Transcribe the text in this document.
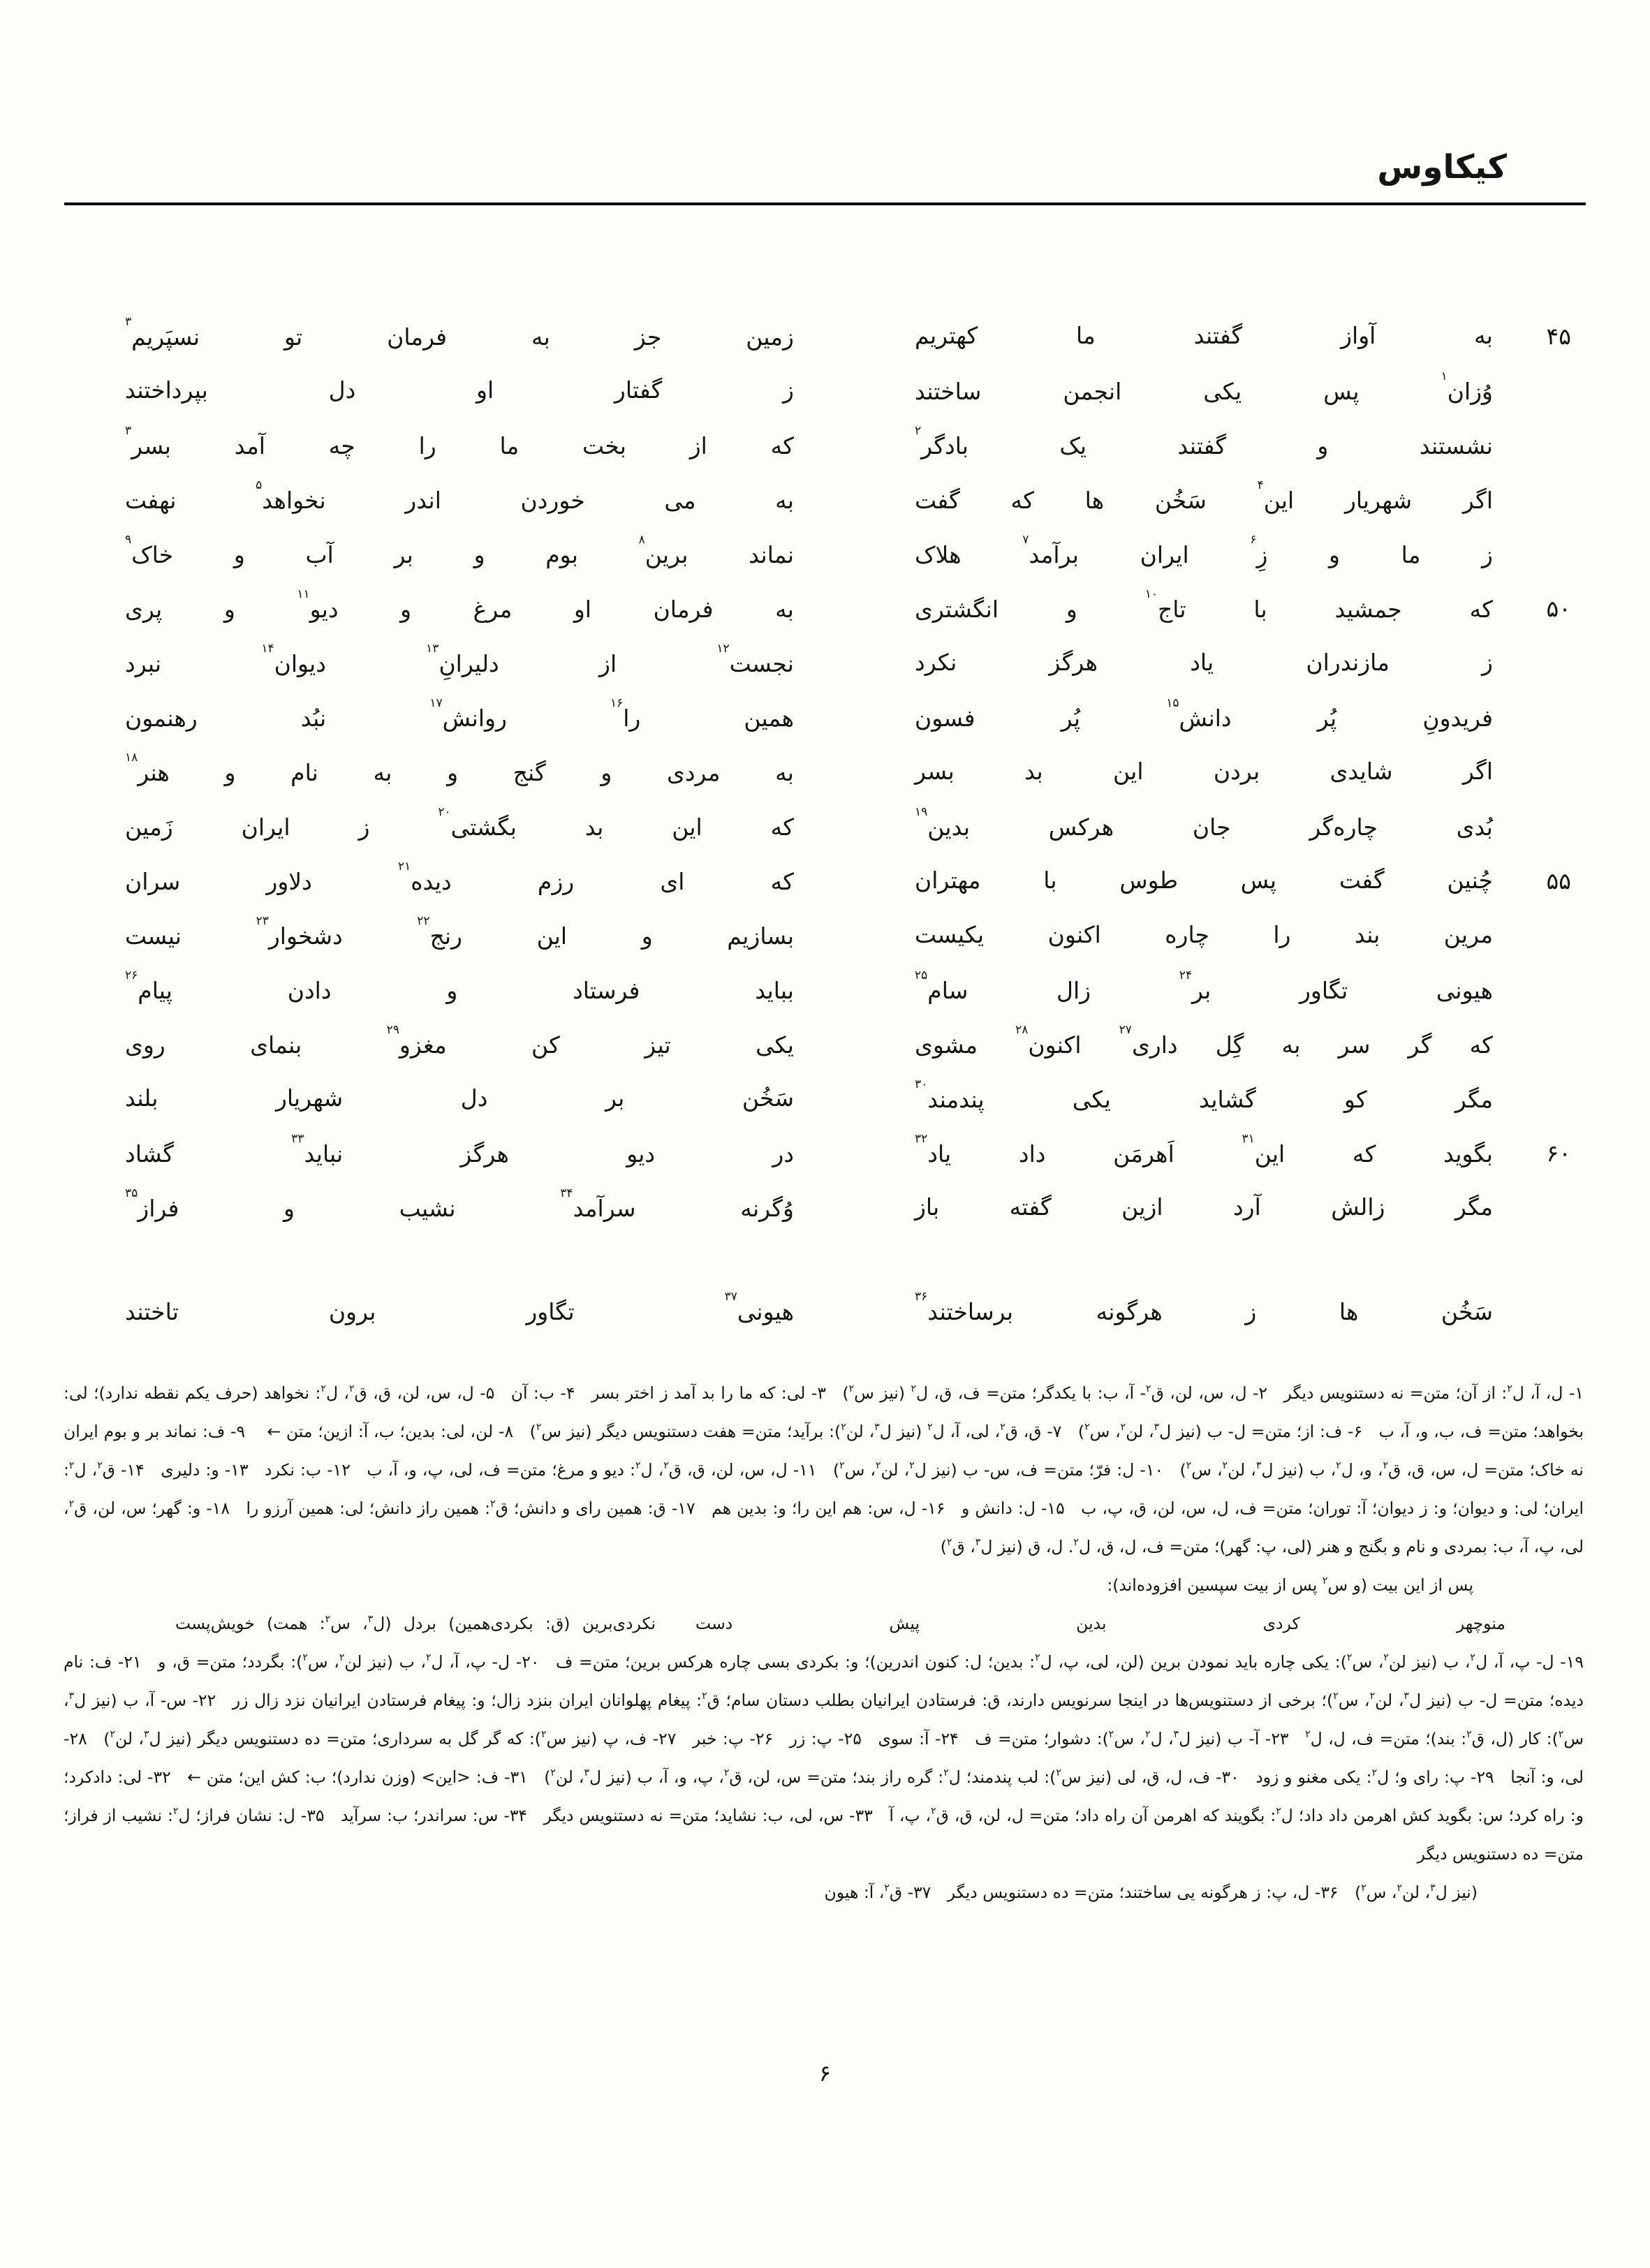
کیکاوس
۴۵
به آواز گفتند ما کهتریم
زمین جز به فرمان تو نسپَریم$^۳$
وُزان$^۱$ پس یکی انجمن ساختند
ز گفتار او دل بپرداختند
نشستند و گفتند یک بادگر$^۲$
که از بخت ما را چه آمد بسر$^۳$
اگر شهریار این$^۴$ سَخُن ها که گفت
به می خوردن اندر نخواهد$^۵$ نهفت
ز ما و زِ$^۶$ ایران برآمد$^۷$ هلاک
نماند برین$^۸$ بوم و بر آب و خاک$^۹$
۵۰
که جمشید با تاج$^{۱۰}$ و انگشتری
به فرمان او مرغ و دیو$^{۱۱}$ و پری
ز مازندران یاد هرگز نکرد
نجست$^{۱۲}$ از دلیرانِ$^{۱۳}$ دیوان$^{۱۴}$ نبرد
فریدونِ پُر دانش$^{۱۵}$ پُر فسون
همین را$^{۱۶}$ روانش$^{۱۷}$ نبُد رهنمون
اگر شایدی بردن این بد بسر
به مردی و گنج و به نام و هنر$^{۱۸}$
بُدی چاره‌گر جان هرکس بدین$^{۱۹}$
که این بد بگشتی$^{۲۰}$ ز ایران زَمین
۵۵
چُنین گفت پس طوس با مهتران
که ای رزم دیده$^{۲۱}$ دلاور سران
مرین بند را چاره اکنون یکیست
بسازیم و این رنج$^{۲۲}$ دشخوار$^{۲۳}$ نیست
هیونی تگاور بر$^{۲۴}$ زال سام$^{۲۵}$
بباید فرستاد و دادن پیام$^{۲۶}$
که گر سر به گِل داری$^{۲۷}$ اکنون$^{۲۸}$ مشوی
یکی تیز کن مغزو$^{۲۹}$ بنمای روی
مگر کو گشاید یکی پندمند$^{۳۰}$
سَخُن بر دل شهریار بلند
۶۰
بگوید که این$^{۳۱}$ اَهرمَن داد یاد$^{۳۲}$
در دیو هرگز نباید$^{۳۳}$ گشاد
مگر زالش آرد ازین گفته باز
وُگرنه سرآمد$^{۳۴}$ نشیب و فراز$^{۳۵}$
سَخُن ها ز هرگونه برساختند$^{۳۶}$
هیونی$^{۳۷}$ تگاور برون تاختند
۱- ل، آ، ل$^۲$: از آن؛ متن= نه دستنویس دیگر ۲- ل، س، لن، ق$^۲$- آ، ب: با یکدگر؛ متن= ف، ق، ل$^۲$ (نیز س$^۲$) ۳- لی: که ما را بد آمد ز اختر بسر ۴- ب: آن ۵- ل، س، لن، ق، ق$^۲$، ل$^۲$: نخواهد (حرف یکم نقطه ندارد)؛ لی: بخواهد؛ متن= ف، ب، و، آ، ب ۶- ف: از؛ متن= ل- ب (نیز ل$^۳$، لن$^۲$، س$^۲$) ۷- ق، ق$^۲$، لی، آ، ل$^۲$ (نیز ل$^۳$، لن$^۲$): برآید؛ متن= هفت دستنویس دیگر (نیز س$^۲$) ۸- لن، لی: بدین؛ ب، آ: ازین؛ متن ←  ۹- ف: نماند بر و بوم ایران نه خاک؛ متن= ل، س، ق، ق$^۲$، و، ل$^۲$، ب (نیز ل$^۳$، لن$^۲$، س$^۲$) ۱۰- ل: فرّ؛ متن= ف، س- ب (نیز ل$^۲$، لن$^۲$، س$^۲$) ۱۱- ل، س، لن، ق، ق$^۲$، ل$^۲$: دیو و مرغ؛ متن= ف، لی، پ، و، آ، ب ۱۲- ب: نکرد ۱۳- و: دلیری ۱۴- ق$^۲$، ل$^۲$: ایران؛ لی: و دیوان؛ و: ز دیوان؛ آ: توران؛ متن= ف، ل، س، لن، ق، پ، ب ۱۵- ل: دانش و ۱۶- ل، س: هم این را؛ و: بدین هم ۱۷- ق: همین رای و دانش؛ ق$^۲$: همین راز دانش؛ لی: همین آرزو را ۱۸- و: گهر؛ س، لن، ق$^۲$، لی، پ، آ، ب: بمردی و نام و بگنج و هنر (لی، پ: گهر)؛ متن= ف، ل، ق، ل$^۲$. ل، ق (نیز ل$^۳$، ق$^۲$)
پس از این بیت (و س$^۲$ پس از بیت سپسین افزوده‌اند):
منوچهر کردی بدین پیش دست
نکردی‌برین (ق: بکردی‌همین) بردل (ل$^۳$، س$^۲$: همت) خویش‌پست
۱۹- ل- پ، آ، ل$^۲$، ب (نیز لن$^۲$، س$^۲$): یکی چاره باید نمودن برین (لن، لی، پ، ل$^۲$: بدین؛ ل: کنون اندرین)؛ و: بکردی بسی چاره هرکس برین؛ متن= ف ۲۰- ل- پ، آ، ل$^۲$، ب (نیز لن$^۲$، س$^۲$): بگردد؛ متن= ق، و ۲۱- ف: نام دیده؛ متن= ل- ب (نیز ل$^۳$، لن$^۲$، س$^۲$)؛ برخی از دستنویس‌ها در اینجا سرنویس دارند، ق: فرستادن ایرانیان بطلب دستان سام؛ ق$^۲$: پیغام پهلوانان ایران بنزد زال؛ و: پیغام فرستادن ایرانیان نزد زال زر ۲۲- س- آ، ب (نیز ل$^۳$، س$^۲$): کار (ل، ق$^۲$: بند)؛ متن= ف، ل، ل$^۲$ ۲۳- آ- ب (نیز ل$^۳$، ل$^۲$، س$^۲$): دشوار؛ متن= ف ۲۴- آ: سوی ۲۵- پ: زر ۲۶- پ: خبر ۲۷- ف، پ (نیز س$^۲$): که گر گل به سرداری؛ متن= ده دستنویس دیگر (نیز ل$^۳$، لن$^۲$) ۲۸- لی، و: آنجا ۲۹- پ: رای و؛ ل$^۲$: یکی مغنو و زود ۳۰- ف، ل، ق، لی (نیز س$^۲$): لب پندمند؛ ل$^۲$: گره راز بند؛ متن= س، لن، ق$^۲$، پ، و، آ، ب (نیز ل$^۳$، لن$^۲$) ۳۱- ف: <این> (وزن ندارد)؛ ب: کش این؛ متن ← ۳۲- لی: دادکرد؛ و: راه کرد؛ س: بگوید کش اهرمن داد داد؛ ل$^۲$: بگویند که اهرمن آن راه داد؛ متن= ل، لن، ق، ق$^۲$، پ، آ ۳۳- س، لی، ب: نشاید؛ متن= نه دستنویس دیگر ۳۴- س: سراندر؛ ب: سرآید ۳۵- ل: نشان فراز؛ ل$^۲$: نشیب از فراز؛ متن= ده دستنویس دیگر
(نیز ل$^۳$، لن$^۲$، س$^۲$) ۳۶- ل، پ: ز هرگونه یی ساختند؛ متن= ده دستنویس دیگر ۳۷- ق$^۲$، آ: هیون
۶
